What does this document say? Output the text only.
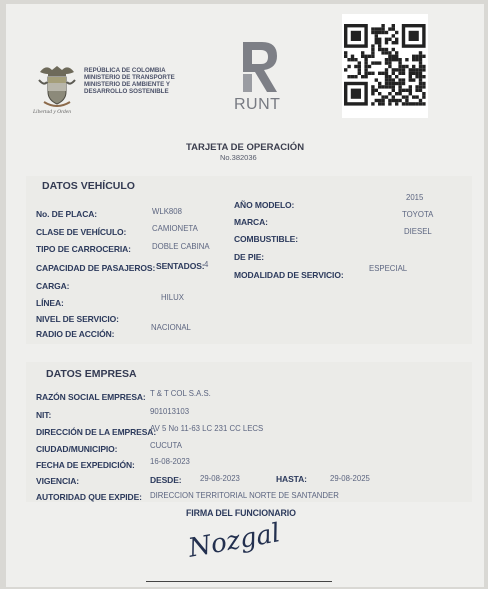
Libertad y Orden
REPÚBLICA DE COLOMBIA
MINISTERIO DE TRANSPORTE
MINISTERIO DE AMBIENTE Y
DESARROLLO SOSTENIBLE
RUNT
TARJETA DE OPERACIÓN
No.382036
DATOS VEHÍCULO
No. DE PLACA:	WLK808
CLASE DE VEHÍCULO:	CAMIONETA
TIPO DE CARROCERIA:	DOBLE CABINA
CAPACIDAD DE PASAJEROS: SENTADOS: 4
CARGA:
LÍNEA:
HILUX
NIVEL DE SERVICIO:
RADIO DE ACCIÓN:
NACIONAL
AÑO MODELO:
2015
MARCA:
TOYOTA
COMBUSTIBLE:
DIESEL
DE PIE:
MODALIDAD DE SERVICIO:
ESPECIAL
DATOS EMPRESA
RAZÓN SOCIAL EMPRESA: T & T COL S.A.S.
NIT:	901013103
DIRECCIÓN DE LA EMPRESA:
AV 5 No 11-63 LC 231 CC LECS
CIUDAD/MUNICIPIO:	CUCUTA
FECHA DE EXPEDICIÓN: 16-08-2023
VIGENCIA:	DESDE: 29-08-2023	HASTA:	29-08-2025
AUTORIDAD QUE EXPIDE: DIRECCION TERRITORIAL NORTE DE SANTANDER
FIRMA DEL FUNCIONARIO
Nozgal
